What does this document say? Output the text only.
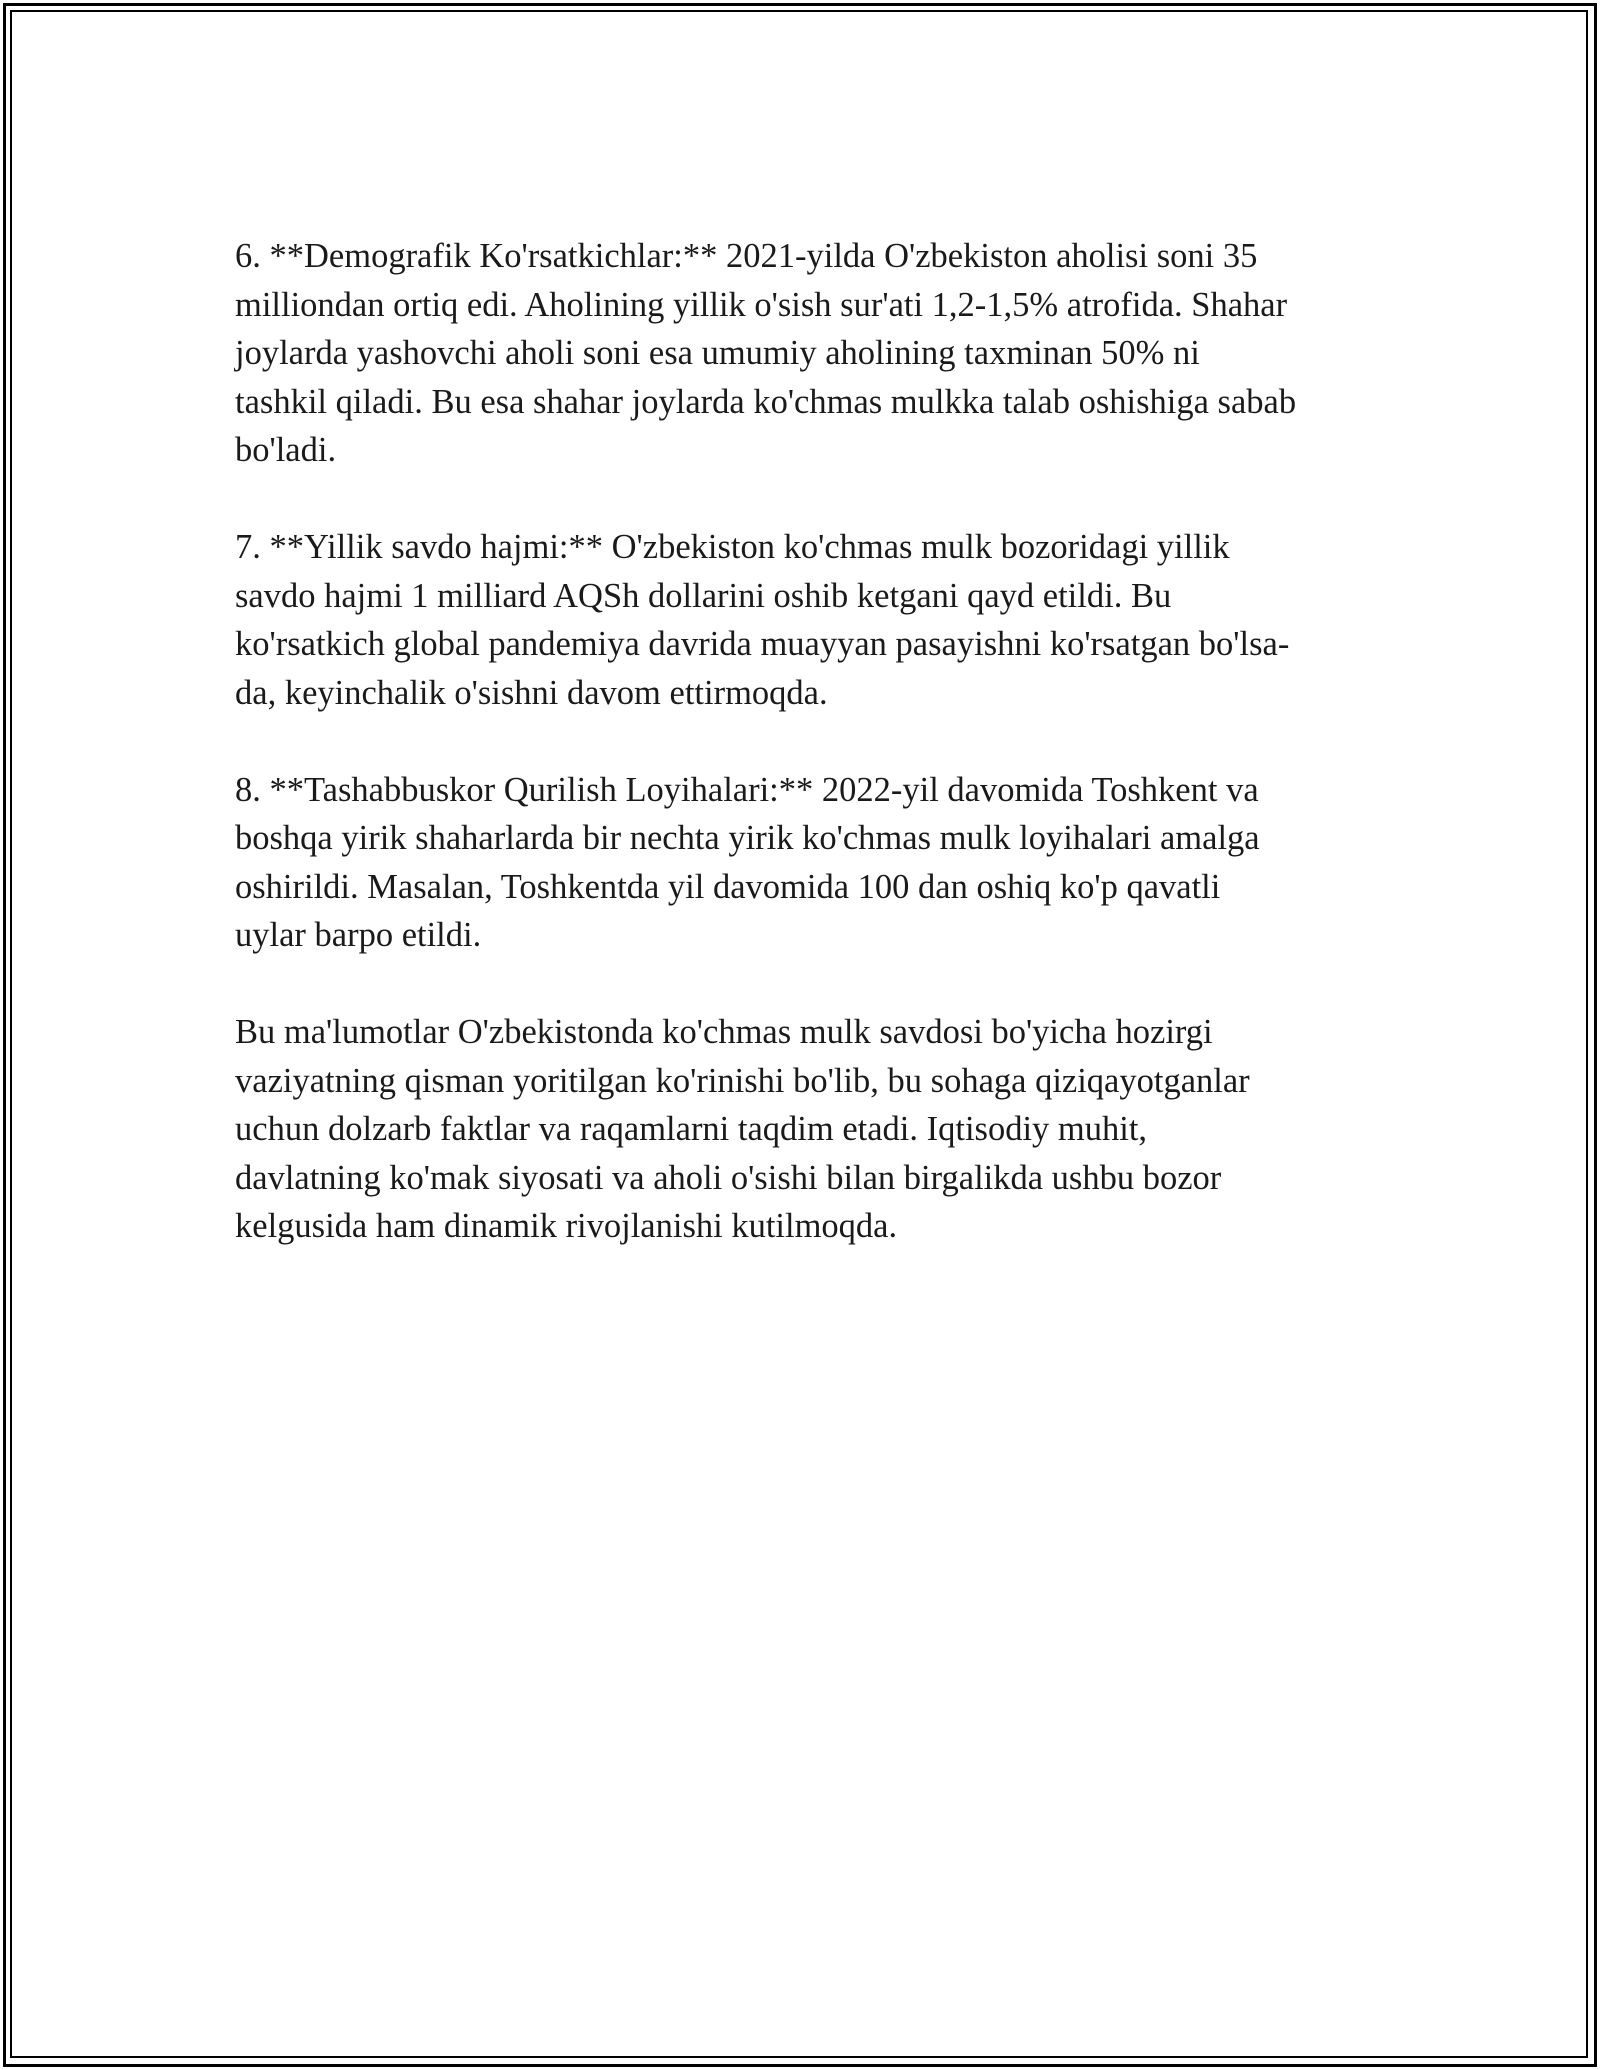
6. **Demografik Ko'rsatkichlar:** 2021-yilda O'zbekiston aholisi soni 35
milliondan ortiq edi. Aholining yillik o'sish sur'ati 1,2-1,5% atrofida. Shahar
joylarda yashovchi aholi soni esa umumiy aholining taxminan 50% ni
tashkil qiladi. Bu esa shahar joylarda ko'chmas mulkka talab oshishiga sabab
bo'ladi.

7. **Yillik savdo hajmi:** O'zbekiston ko'chmas mulk bozoridagi yillik
savdo hajmi 1 milliard AQSh dollarini oshib ketgani qayd etildi. Bu
ko'rsatkich global pandemiya davrida muayyan pasayishni ko'rsatgan bo'lsa-
da, keyinchalik o'sishni davom ettirmoqda.

8. **Tashabbuskor Qurilish Loyihalari:** 2022-yil davomida Toshkent va
boshqa yirik shaharlarda bir nechta yirik ko'chmas mulk loyihalari amalga
oshirildi. Masalan, Toshkentda yil davomida 100 dan oshiq ko'p qavatli
uylar barpo etildi.

Bu ma'lumotlar O'zbekistonda ko'chmas mulk savdosi bo'yicha hozirgi
vaziyatning qisman yoritilgan ko'rinishi bo'lib, bu sohaga qiziqayotganlar
uchun dolzarb faktlar va raqamlarni taqdim etadi. Iqtisodiy muhit,
davlatning ko'mak siyosati va aholi o'sishi bilan birgalikda ushbu bozor
kelgusida ham dinamik rivojlanishi kutilmoqda.
